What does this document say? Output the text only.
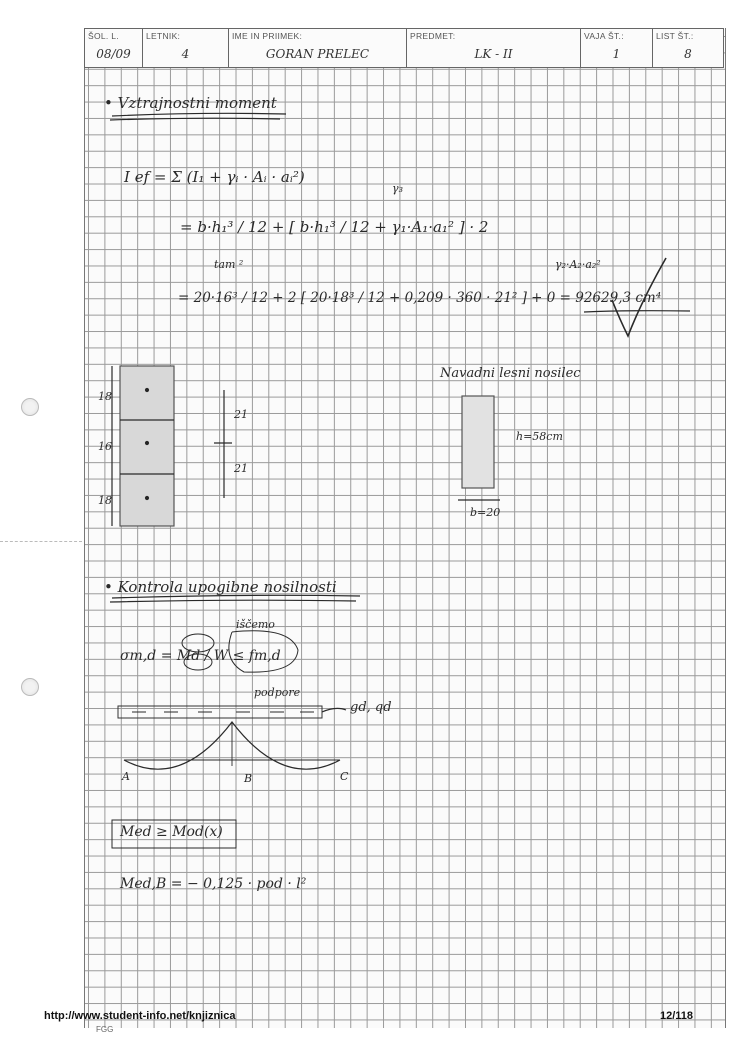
ŠOL. L.
08/09
LETNIK:
4
IME IN PRIIMEK:
GORAN PRELEC
PREDMET:
LK - II
VAJA ŠT.:
1
LIST ŠT.:
8
• Vztrajnostni moment
I ef = Σ (I₁ + γᵢ · Aᵢ · aᵢ²)
γ₃
= b·h₁³ / 12 + [ b·h₁³ / 12 + γ₁·A₁·a₁² ] · 2
tam ²	γ₂·A₂·a₂²
= 20·16³ / 12 + 2 [ 20·18³ / 12 + 0,209 · 360 · 21² ] + 0 = 92629,3 cm⁴
18
16
18
21
21
Navadni lesni nosilec
h=58cm
b=20
• Kontrola upogibne nosilnosti
iščemo
σm,d = Md / W ≤ fm,d
podpore
gd, qd
A	B	C
Med ≥ Mod(x)
Med,B = − 0,125 · pod · l²
http://www.student-info.net/knjiznica	12/118
FGG
